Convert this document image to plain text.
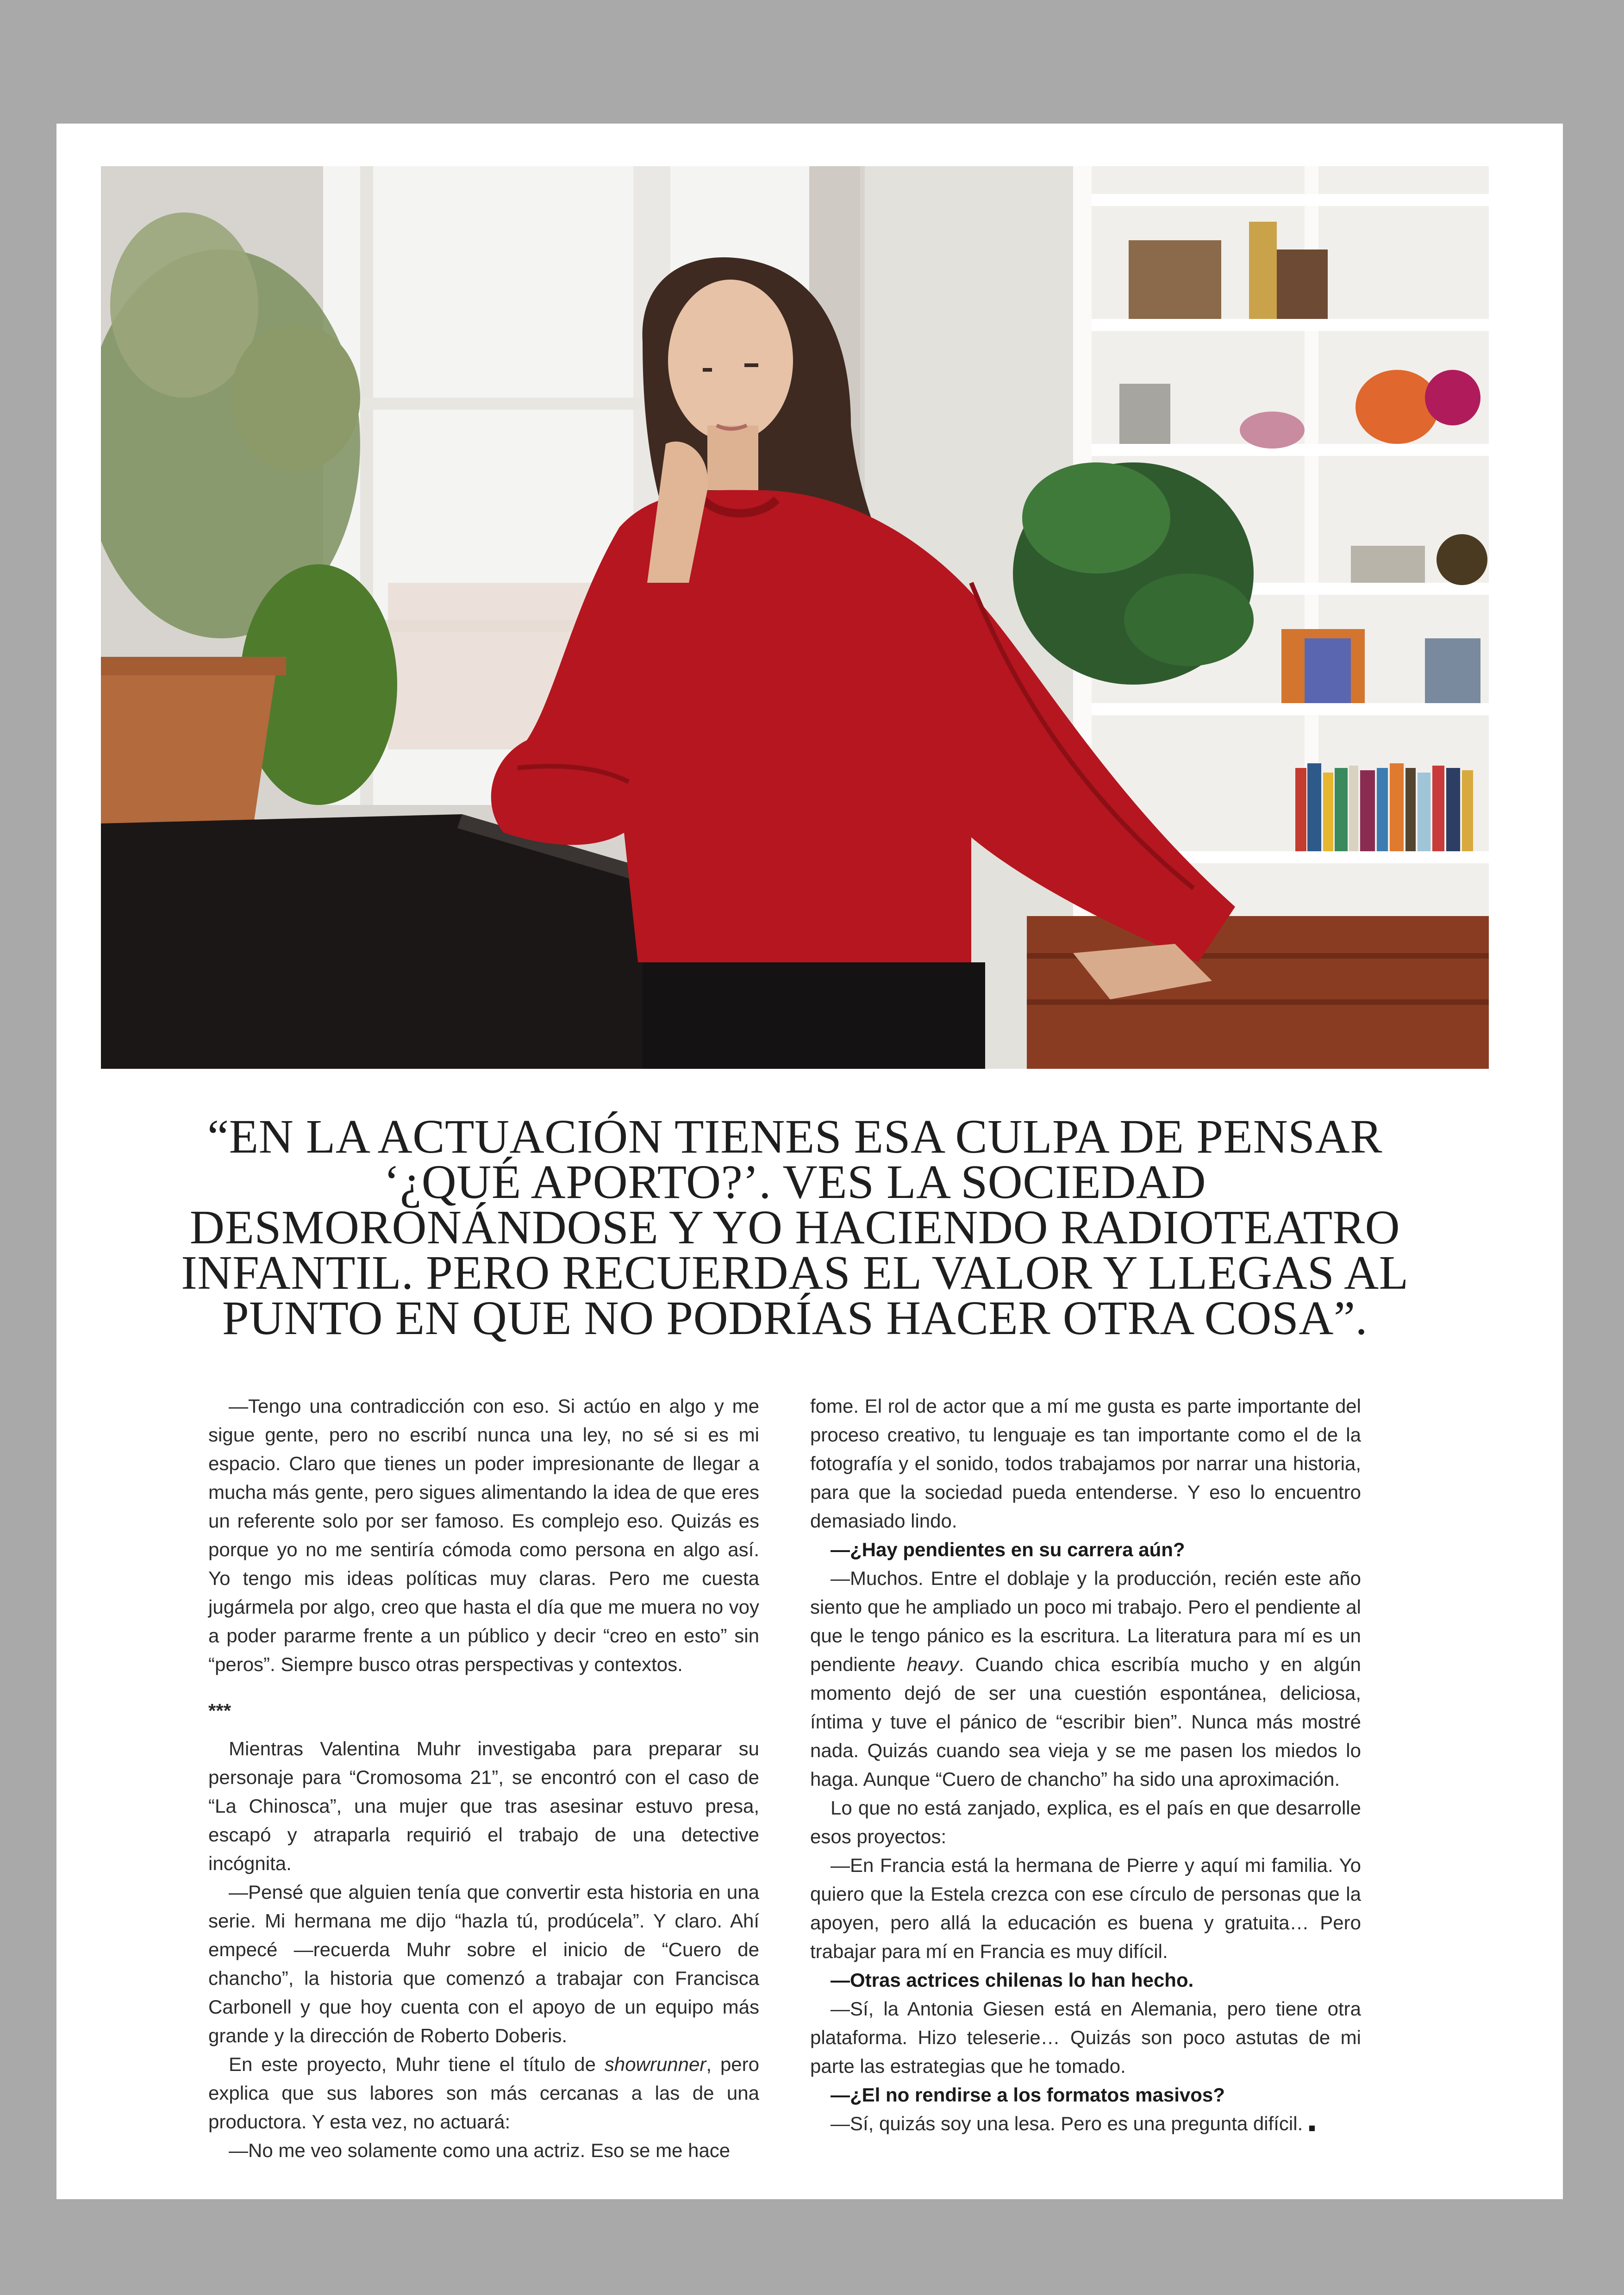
“EN LA ACTUACIÓN TIENES ESA CULPA DE PENSAR
‘¿QUÉ APORTO?’. VES LA SOCIEDAD
DESMORONÁNDOSE Y YO HACIENDO RADIOTEATRO
INFANTIL. PERO RECUERDAS EL VALOR Y LLEGAS AL
PUNTO EN QUE NO PODRÍAS HACER OTRA COSA”.

—Tengo una contradicción con eso. Si actúo en algo y me sigue gente, pero no escribí nunca una ley, no sé si es mi espacio. Claro que tienes un poder impresionante de llegar a mucha más gente, pero sigues alimentando la idea de que eres un referente solo por ser famoso. Es complejo eso. Quizás es porque yo no me sentiría cómoda como persona en algo así. Yo tengo mis ideas políticas muy claras. Pero me cuesta jugármela por algo, creo que hasta el día que me muera no voy a poder pararme frente a un público y decir “creo en esto” sin “peros”. Siempre busco otras perspectivas y contextos.

***

Mientras Valentina Muhr investigaba para preparar su personaje para “Cromosoma 21”, se encontró con el caso de “La Chinosca”, una mujer que tras asesinar estuvo presa, escapó y atraparla requirió el trabajo de una detective incógnita.

—Pensé que alguien tenía que convertir esta historia en una serie. Mi hermana me dijo “hazla tú, prodúcela”. Y claro. Ahí empecé —recuerda Muhr sobre el inicio de “Cuero de chancho”, la historia que comenzó a trabajar con Francisca Carbonell y que hoy cuenta con el apoyo de un equipo más grande y la dirección de Roberto Doberis.

En este proyecto, Muhr tiene el título de showrunner, pero explica que sus labores son más cercanas a las de una productora. Y esta vez, no actuará:

—No me veo solamente como una actriz. Eso se me hace

fome. El rol de actor que a mí me gusta es parte importante del proceso creativo, tu lenguaje es tan importante como el de la fotografía y el sonido, todos trabajamos por narrar una historia, para que la sociedad pueda entenderse. Y eso lo encuentro demasiado lindo.

—¿Hay pendientes en su carrera aún?

—Muchos. Entre el doblaje y la producción, recién este año siento que he ampliado un poco mi trabajo. Pero el pendiente al que le tengo pánico es la escritura. La literatura para mí es un pendiente heavy. Cuando chica escribía mucho y en algún momento dejó de ser una cuestión espontánea, deliciosa, íntima y tuve el pánico de “escribir bien”. Nunca más mostré nada. Quizás cuando sea vieja y se me pasen los miedos lo haga. Aunque “Cuero de chancho” ha sido una aproximación.

Lo que no está zanjado, explica, es el país en que desarrolle esos proyectos:

—En Francia está la hermana de Pierre y aquí mi familia. Yo quiero que la Estela crezca con ese círculo de personas que la apoyen, pero allá la educación es buena y gratuita… Pero trabajar para mí en Francia es muy difícil.

—Otras actrices chilenas lo han hecho.

—Sí, la Antonia Giesen está en Alemania, pero tiene otra plataforma. Hizo teleserie… Quizás son poco astutas de mi parte las estrategias que he tomado.

—¿El no rendirse a los formatos masivos?

—Sí, quizás soy una lesa. Pero es una pregunta difícil.
